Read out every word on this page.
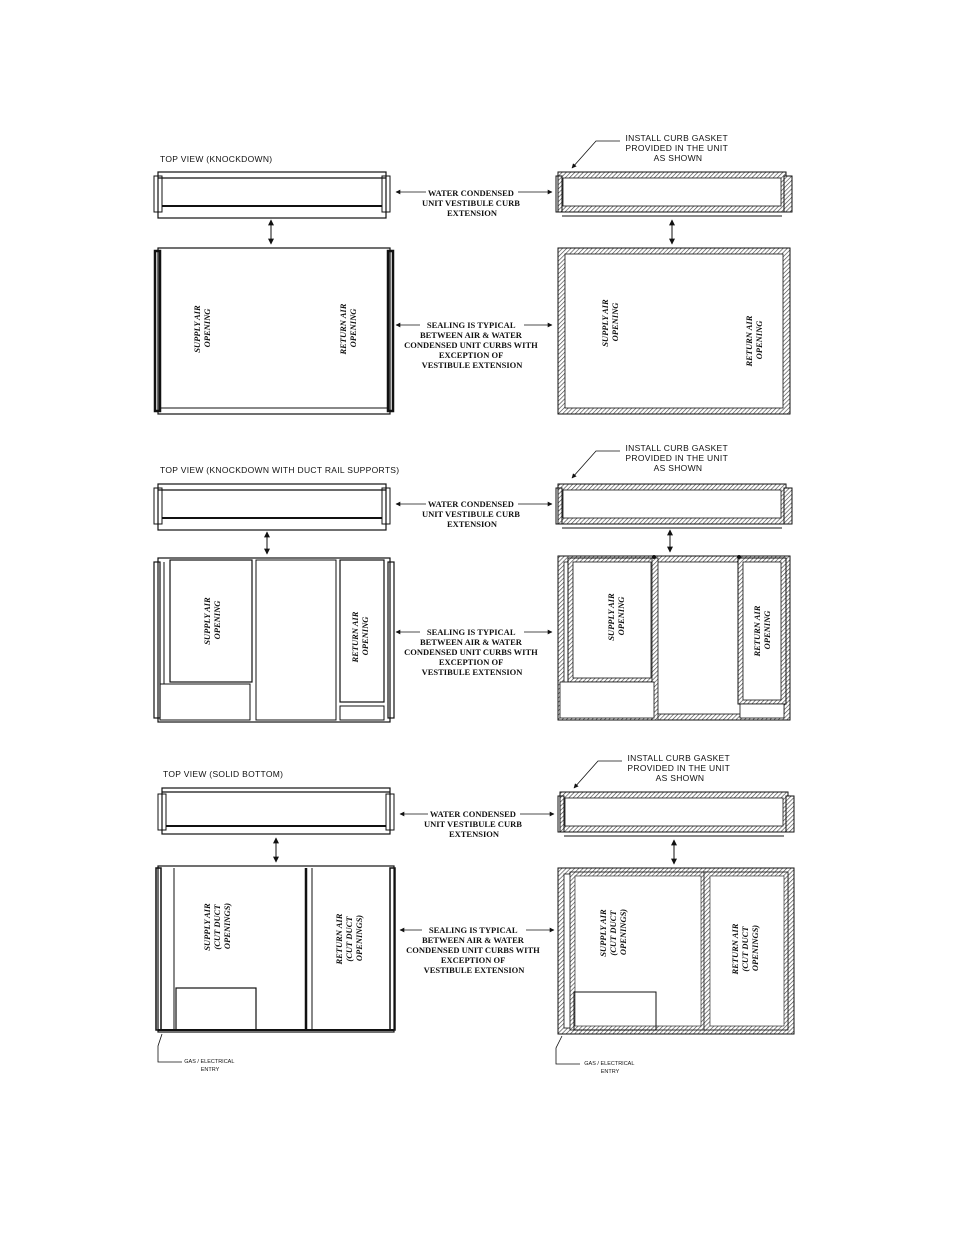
TOP VIEW (KNOCKDOWN)
SUPPLY AIR OPENING	RETURN AIR OPENING
WATER CONDENSED UNIT VESTIBULE CURB EXTENSION
SEALING IS TYPICAL BETWEEN AIR & WATER CONDENSED UNIT CURBS WITH EXCEPTION OF VESTIBULE EXTENSION
INSTALL CURB GASKET PROVIDED IN THE UNIT AS SHOWN
SUPPLY AIR OPENING	RETURN AIR OPENING
TOP VIEW (KNOCKDOWN WITH DUCT RAIL SUPPORTS)
SUPPLY AIR OPENING	RETURN AIR OPENING
WATER CONDENSED UNIT VESTIBULE CURB EXTENSION
SEALING IS TYPICAL BETWEEN AIR & WATER CONDENSED UNIT CURBS WITH EXCEPTION OF VESTIBULE EXTENSION
INSTALL CURB GASKET PROVIDED IN THE UNIT AS SHOWN
SUPPLY AIR OPENING	RETURN AIR OPENING
TOP VIEW (SOLID BOTTOM)
SUPPLY AIR (CUT DUCT OPENINGS)	RETURN AIR (CUT DUCT OPENINGS)
GAS / ELECTRICAL ENTRY
WATER CONDENSED UNIT VESTIBULE CURB EXTENSION
SEALING IS TYPICAL BETWEEN AIR & WATER CONDENSED UNIT CURBS WITH EXCEPTION OF VESTIBULE EXTENSION
INSTALL CURB GASKET PROVIDED IN THE UNIT AS SHOWN
SUPPLY AIR (CUT DUCT OPENINGS)	RETURN AIR (CUT DUCT OPENINGS)
GAS / ELECTRICAL ENTRY
